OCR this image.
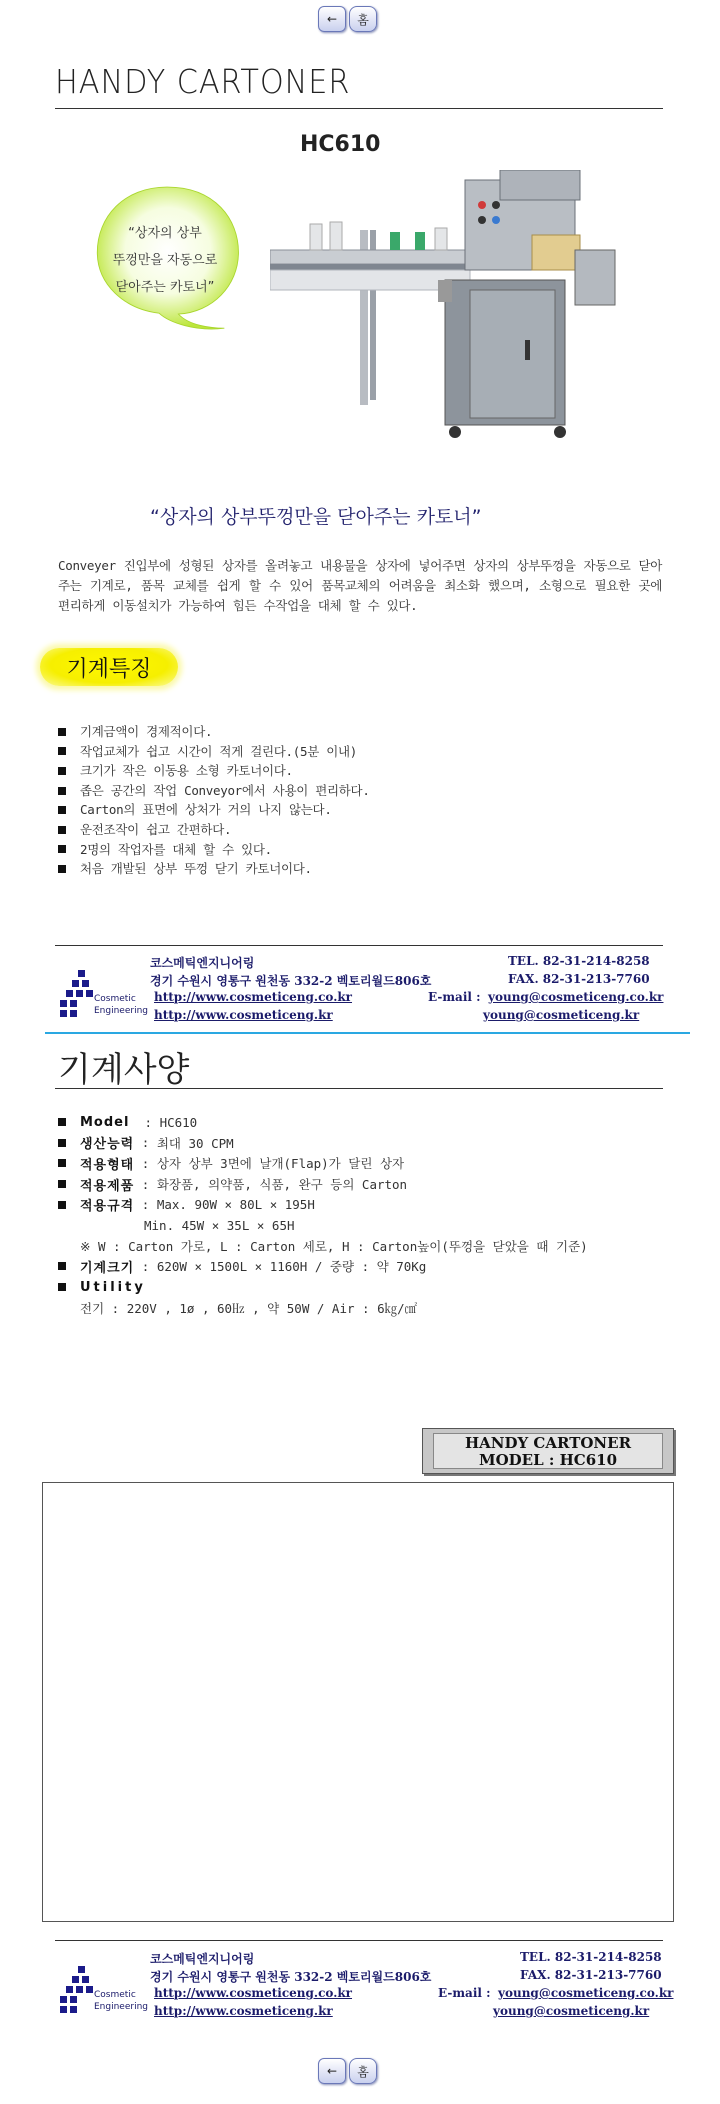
← 홈
HANDY CARTONER
HC610
“상자의 상부
뚜껑만을 자동으로
닫아주는 카토너”
“상자의 상부뚜껑만을 닫아주는 카토너”
Conveyer 진입부에 성형된 상자를 올려놓고 내용물을 상자에 넣어주면 상자의 상부뚜껑을 자동으로 닫아주는 기계로, 품목 교체를 쉽게 할 수 있어 품목교체의 어려움을 최소화 했으며, 소형으로 필요한 곳에 편리하게 이동설치가 가능하여 힘든 수작업을 대체 할 수 있다.
기계특징
기계금액이 경제적이다.
작업교체가 쉽고 시간이 적게 걸린다.(5분 이내)
크기가 작은 이동용 소형 카토너이다.
좁은 공간의 작업 Conveyor에서 사용이 편리하다.
Carton의 표면에 상처가 거의 나지 않는다.
운전조작이 쉽고 간편하다.
2명의 작업자를 대체 할 수 있다.
처음 개발된 상부 뚜껑 닫기 카토너이다.
Cosmetic
Engineering
코스메틱엔지니어링
경기 수원시 영통구 원천동 332-2 벡토리월드806호
http://www.cosmeticeng.co.kr
http://www.cosmeticeng.kr
TEL. 82-31-214-8258
FAX. 82-31-213-7760
E-mail : young@cosmeticeng.co.kr
young@cosmeticeng.kr
기계사양
Model : HC610
생산능력 : 최대 30 CPM
적용형태 : 상자 상부 3면에 날개(Flap)가 달린 상자
적용제품 : 화장품, 의약품, 식품, 완구 등의 Carton
적용규격 : Max. 90W × 80L × 195H
Min. 45W × 35L × 65H
※ W : Carton 가로, L : Carton 세로, H : Carton높이(뚜껑을 닫았을 때 기준)
기계크기 : 620W × 1500L × 1160H / 중량 : 약 70Kg
Utility
전기 : 220V , 1ø , 60㎐ , 약 50W / Air : 6㎏/㎠
HANDY CARTONER
MODEL : HC610
Cosmetic
Engineering
코스메틱엔지니어링
경기 수원시 영통구 원천동 332-2 벡토리월드806호
http://www.cosmeticeng.co.kr
http://www.cosmeticeng.kr
TEL. 82-31-214-8258
FAX. 82-31-213-7760
E-mail : young@cosmeticeng.co.kr
young@cosmeticeng.kr
← 홈
